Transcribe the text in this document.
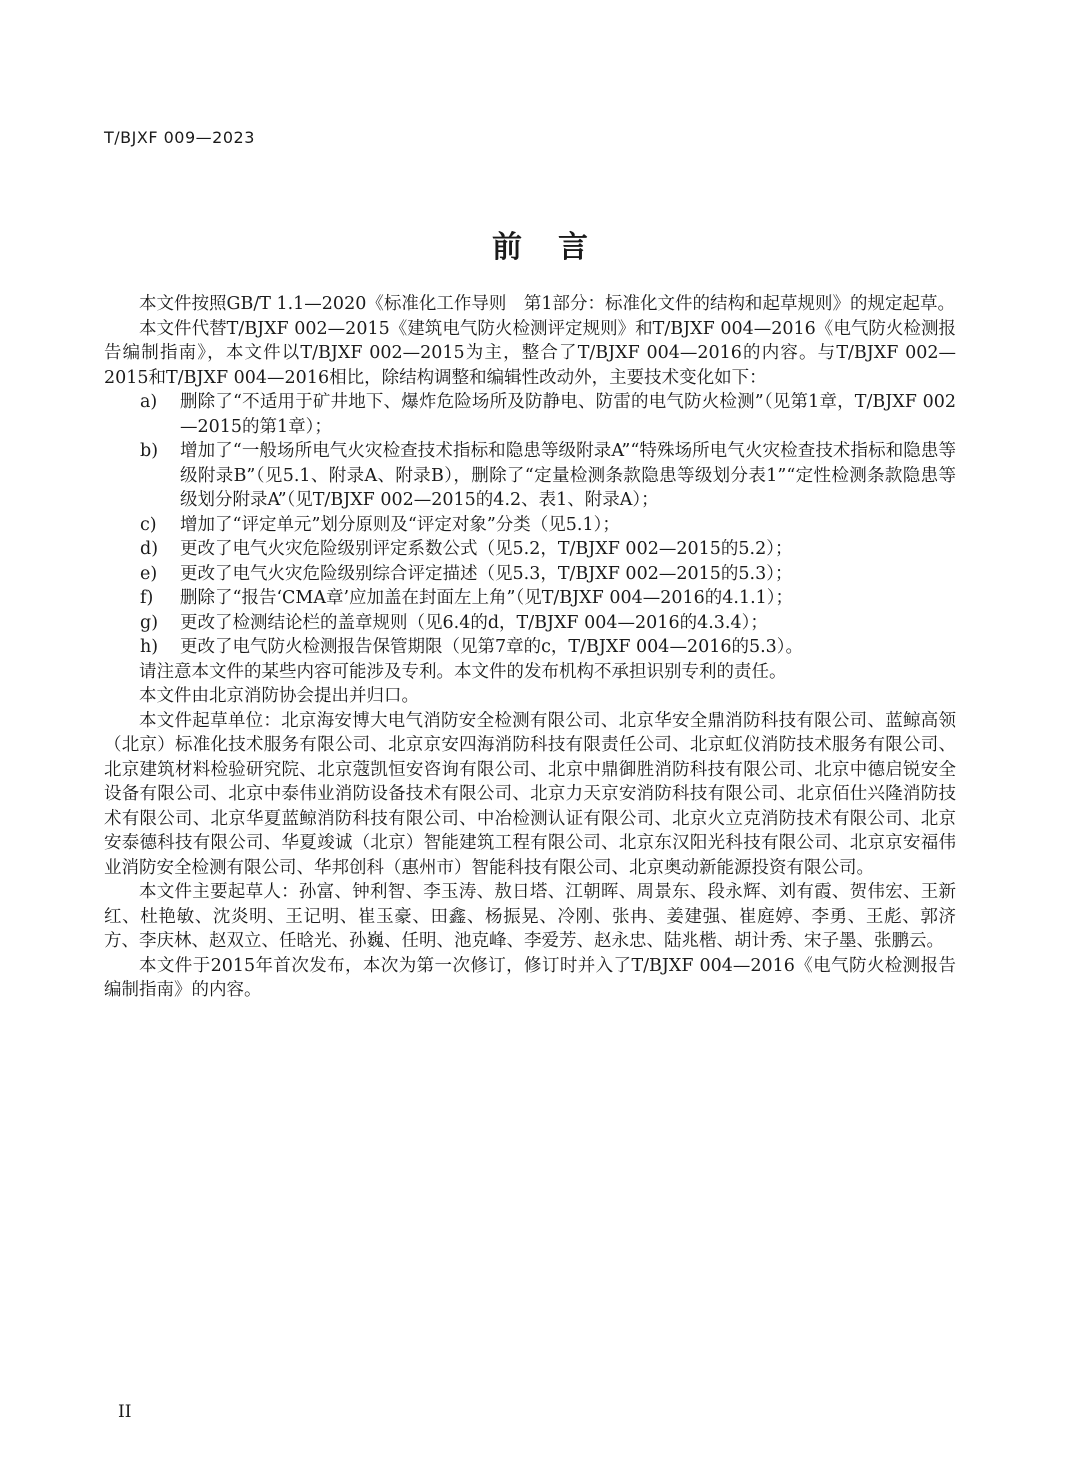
T/BJXF 009—2023
前言

本文件按照GB/T 1.1—2020《标准化工作导则　第1部分：标准化文件的结构和起草规则》的规定起草。

本文件代替T/BJXF 002—2015《建筑电气防火检测评定规则》和T/BJXF 004—2016《电气防火检测报告编制指南》，本文件以T/BJXF 002—2015为主，整合了T/BJXF 004—2016的内容。与T/BJXF 002—2015和T/BJXF 004—2016相比，除结构调整和编辑性改动外，主要技术变化如下：

a)	删除了“不适用于矿井地下、爆炸危险场所及防静电、防雷的电气防火检测”（见第1章，T/BJXF 002—2015的第1章）；
b)	增加了“一般场所电气火灾检查技术指标和隐患等级附录A”“特殊场所电气火灾检查技术指标和隐患等级附录B”（见5.1、附录A、附录B），删除了“定量检测条款隐患等级划分表1”“定性检测条款隐患等级划分附录A”（见T/BJXF 002—2015的4.2、表1、附录A）；
c)	增加了“评定单元”划分原则及“评定对象”分类（见5.1）；
d)	更改了电气火灾危险级别评定系数公式（见5.2，T/BJXF 002—2015的5.2）；
e)	更改了电气火灾危险级别综合评定描述（见5.3，T/BJXF 002—2015的5.3）；
f)	删除了“报告‘CMA章’应加盖在封面左上角”（见T/BJXF 004—2016的4.1.1）；
g)	更改了检测结论栏的盖章规则（见6.4的d，T/BJXF 004—2016的4.3.4）；
h)	更改了电气防火检测报告保管期限（见第7章的c，T/BJXF 004—2016的5.3）。

请注意本文件的某些内容可能涉及专利。本文件的发布机构不承担识别专利的责任。

本文件由北京消防协会提出并归口。

本文件起草单位：北京海安博大电气消防安全检测有限公司、北京华安全鼎消防科技有限公司、蓝鲸高领（北京）标准化技术服务有限公司、北京京安四海消防科技有限责任公司、北京虹仪消防技术服务有限公司、北京建筑材料检验研究院、北京蔻凯恒安咨询有限公司、北京中鼎御胜消防科技有限公司、北京中德启锐安全设备有限公司、北京中泰伟业消防设备技术有限公司、北京力天京安消防科技有限公司、北京佰仕兴隆消防技术有限公司、北京华夏蓝鲸消防科技有限公司、中冶检测认证有限公司、北京火立克消防技术有限公司、北京安泰德科技有限公司、华夏竣诚（北京）智能建筑工程有限公司、北京东汉阳光科技有限公司、北京京安福伟业消防安全检测有限公司、华邦创科（惠州市）智能科技有限公司、北京奥动新能源投资有限公司。

本文件主要起草人：孙富、钟利智、李玉涛、敖日塔、江朝晖、周景东、段永辉、刘有霞、贺伟宏、王新红、杜艳敏、沈炎明、王记明、崔玉豪、田鑫、杨振晃、冷刚、张冉、姜建强、崔庭婷、李勇、王彪、郭济方、李庆林、赵双立、任晗光、孙巍、任明、池克峰、李爱芳、赵永忠、陆兆楷、胡计秀、宋子墨、张鹏云。

本文件于2015年首次发布，本次为第一次修订，修订时并入了T/BJXF 004—2016《电气防火检测报告编制指南》的内容。

II
